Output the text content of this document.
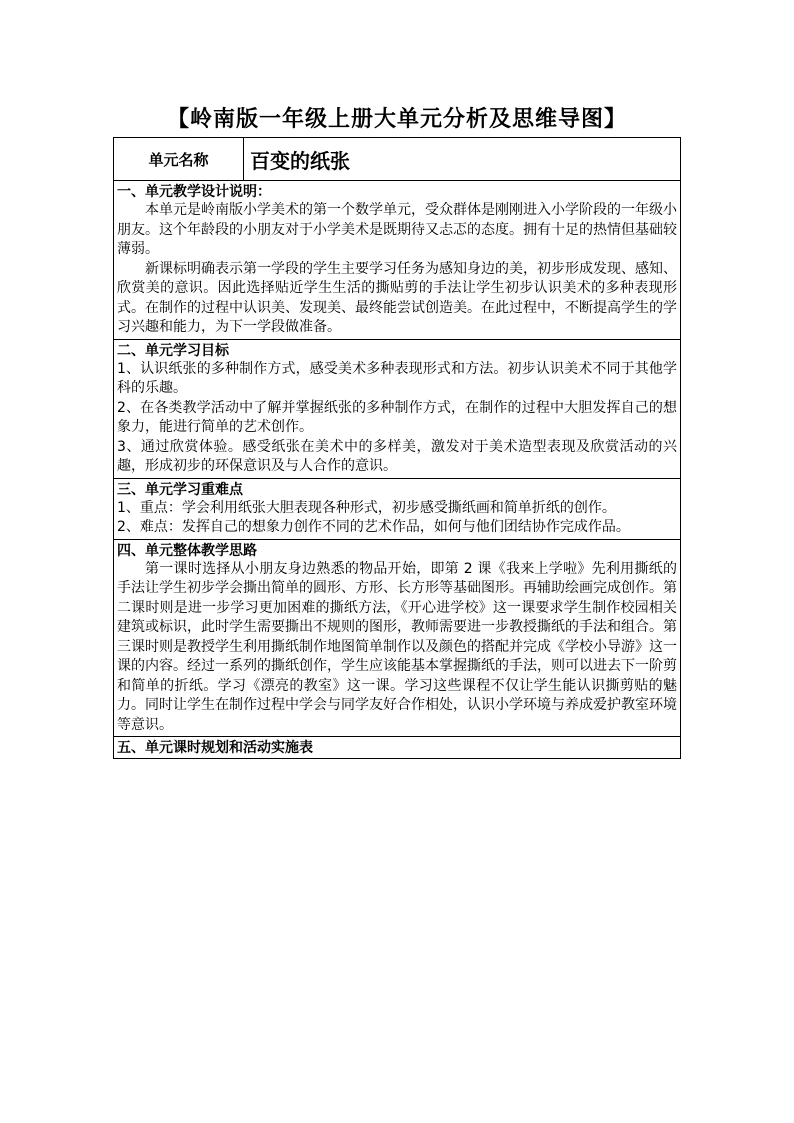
【岭南版一年级上册大单元分析及思维导图】
单元名称	百变的纸张

一、单元教学设计说明：

本单元是岭南版小学美术的第一个数学单元，受众群体是刚刚进入小学阶段的一年级小朋友。这个年龄段的小朋友对于小学美术是既期待又忐忑的态度。拥有十足的热情但基础较薄弱。

新课标明确表示第一学段的学生主要学习任务为感知身边的美，初步形成发现、感知、欣赏美的意识。因此选择贴近学生生活的撕贴剪的手法让学生初步认识美术的多种表现形式。在制作的过程中认识美、发现美、最终能尝试创造美。在此过程中，不断提高学生的学习兴趣和能力，为下一学段做准备。

二、单元学习目标

1、认识纸张的多种制作方式，感受美术多种表现形式和方法。初步认识美术不同于其他学科的乐趣。

2、在各类教学活动中了解并掌握纸张的多种制作方式，在制作的过程中大胆发挥自己的想象力，能进行简单的艺术创作。

3、通过欣赏体验。感受纸张在美术中的多样美，激发对于美术造型表现及欣赏活动的兴趣，形成初步的环保意识及与人合作的意识。

三、单元学习重难点

1、重点：学会利用纸张大胆表现各种形式，初步感受撕纸画和简单折纸的创作。

2、难点：发挥自己的想象力创作不同的艺术作品，如何与他们团结协作完成作品。

四、单元整体教学思路

第一课时选择从小朋友身边熟悉的物品开始，即第 2 课《我来上学啦》先利用撕纸的手法让学生初步学会撕出简单的圆形、方形、长方形等基础图形。再辅助绘画完成创作。第二课时则是进一步学习更加困难的撕纸方法，《开心进学校》这一课要求学生制作校园相关建筑或标识，此时学生需要撕出不规则的图形，教师需要进一步教授撕纸的手法和组合。第三课时则是教授学生利用撕纸制作地图简单制作以及颜色的搭配并完成《学校小导游》这一课的内容。经过一系列的撕纸创作，学生应该能基本掌握撕纸的手法，则可以进去下一阶剪和简单的折纸。学习《漂亮的教室》这一课。学习这些课程不仅让学生能认识撕剪贴的魅力。同时让学生在制作过程中学会与同学友好合作相处，认识小学环境与养成爱护教室环境等意识。

五、单元课时规划和活动实施表
